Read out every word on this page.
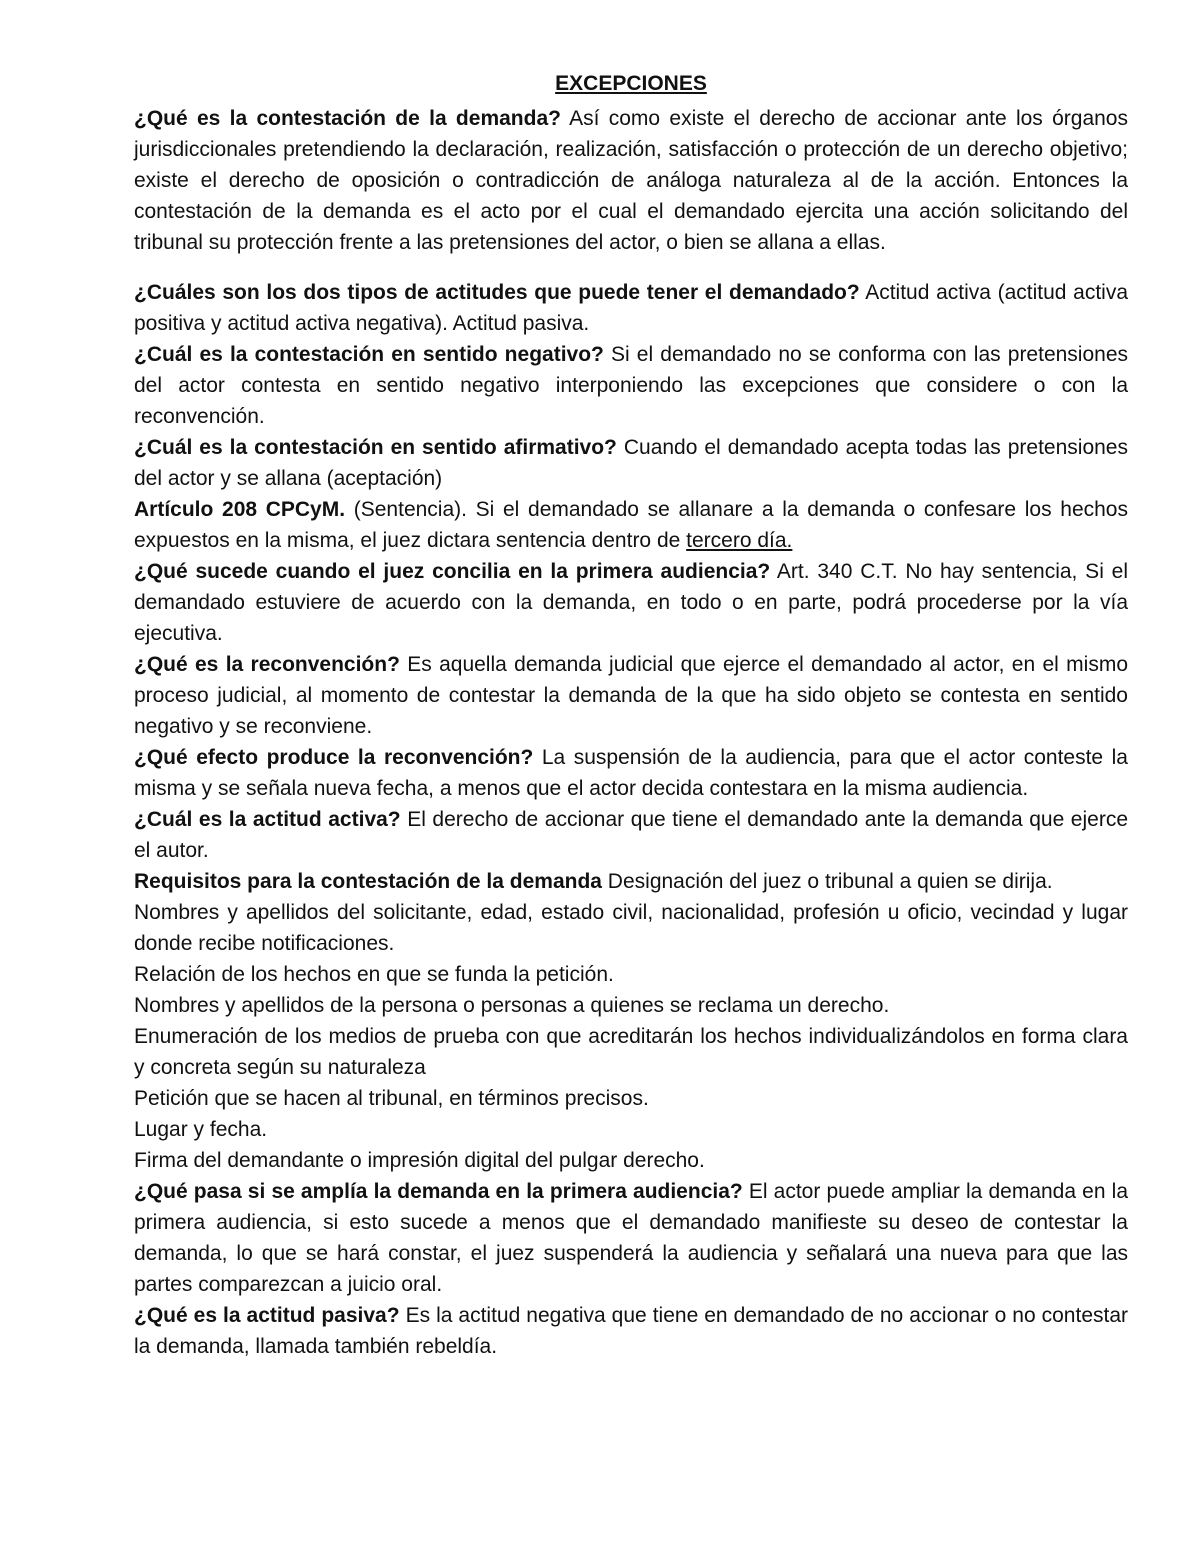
EXCEPCIONES

¿Qué es la contestación de la demanda? Así como existe el derecho de accionar ante los órganos jurisdiccionales pretendiendo la declaración, realización, satisfacción o protección de un derecho objetivo; existe el derecho de oposición o contradicción de análoga naturaleza al de la acción. Entonces la contestación de la demanda es el acto por el cual el demandado ejercita una acción solicitando del tribunal su protección frente a las pretensiones del actor, o bien se allana a ellas.

¿Cuáles son los dos tipos de actitudes que puede tener el demandado? Actitud activa (actitud activa positiva y actitud activa negativa). Actitud pasiva.

¿Cuál es la contestación en sentido negativo? Si el demandado no se conforma con las pretensiones del actor contesta en sentido negativo interponiendo las excepciones que considere o con la reconvención.

¿Cuál es la contestación en sentido afirmativo? Cuando el demandado acepta todas las pretensiones del actor y se allana (aceptación)

Artículo 208 CPCyM. (Sentencia). Si el demandado se allanare a la demanda o confesare los hechos expuestos en la misma, el juez dictara sentencia dentro de tercero día.

¿Qué sucede cuando el juez concilia en la primera audiencia? Art. 340 C.T. No hay sentencia, Si el demandado estuviere de acuerdo con la demanda, en todo o en parte, podrá procederse por la vía ejecutiva.

¿Qué es la reconvención? Es aquella demanda judicial que ejerce el demandado al actor, en el mismo proceso judicial, al momento de contestar la demanda de la que ha sido objeto se contesta en sentido negativo y se reconviene.

¿Qué efecto produce la reconvención? La suspensión de la audiencia, para que el actor conteste la misma y se señala nueva fecha, a menos que el actor decida contestara en la misma audiencia.

¿Cuál es la actitud activa? El derecho de accionar que tiene el demandado ante la demanda que ejerce el autor.

Requisitos para la contestación de la demanda Designación del juez o tribunal a quien se dirija.

Nombres y apellidos del solicitante, edad, estado civil, nacionalidad, profesión u oficio, vecindad y lugar donde recibe notificaciones.

Relación de los hechos en que se funda la petición.

Nombres y apellidos de la persona o personas a quienes se reclama un derecho.

Enumeración de los medios de prueba con que acreditarán los hechos individualizándolos en forma clara y concreta según su naturaleza

Petición que se hacen al tribunal, en términos precisos.

Lugar y fecha.

Firma del demandante o impresión digital del pulgar derecho.

¿Qué pasa si se amplía la demanda en la primera audiencia? El actor puede ampliar la demanda en la primera audiencia, si esto sucede a menos que el demandado manifieste su deseo de contestar la demanda, lo que se hará constar, el juez suspenderá la audiencia y señalará una nueva para que las partes comparezcan a juicio oral.

¿Qué es la actitud pasiva? Es la actitud negativa que tiene en demandado de no accionar o no contestar la demanda, llamada también rebeldía.
